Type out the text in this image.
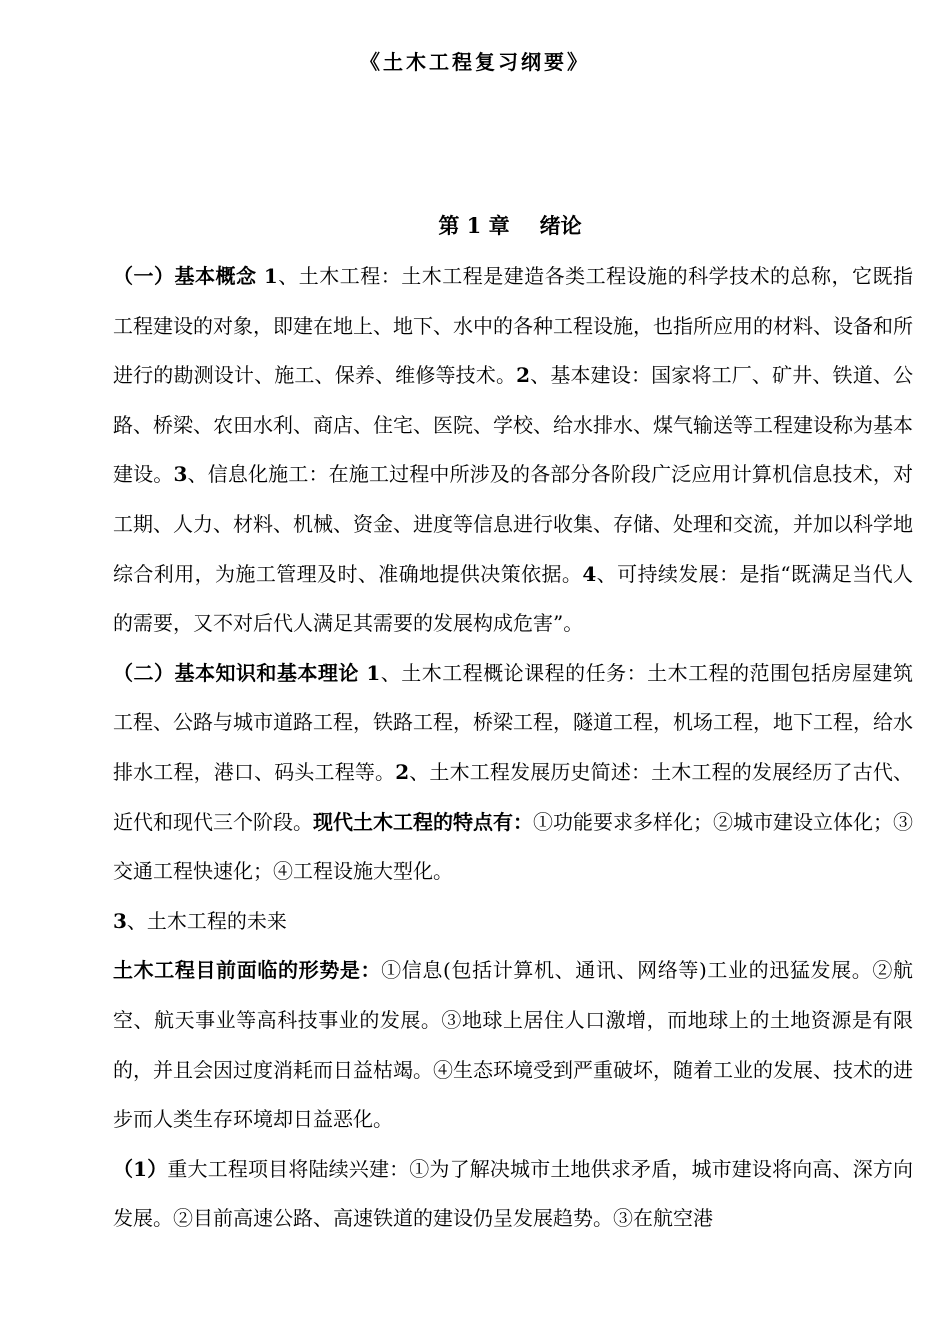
《土木工程复习纲要》
第 1 章 绪论

（一）基本概念 1、土木工程：土木工程是建造各类工程设施的科学技术的总称，它既指工程建设的对象，即建在地上、地下、水中的各种工程设施，也指所应用的材料、设备和所进行的勘测设计、施工、保养、维修等技术。2、基本建设：国家将工厂、矿井、铁道、公路、桥梁、农田水利、商店、住宅、医院、学校、给水排水、煤气输送等工程建设称为基本建设。3、信息化施工：在施工过程中所涉及的各部分各阶段广泛应用计算机信息技术，对工期、人力、材料、机械、资金、进度等信息进行收集、存储、处理和交流，并加以科学地综合利用，为施工管理及时、准确地提供决策依据。4、可持续发展：是指“既满足当代人的需要，又不对后代人满足其需要的发展构成危害”。

（二）基本知识和基本理论 1、土木工程概论课程的任务：土木工程的范围包括房屋建筑工程、公路与城市道路工程，铁路工程，桥梁工程，隧道工程，机场工程，地下工程，给水排水工程，港口、码头工程等。2、土木工程发展历史简述：土木工程的发展经历了古代、近代和现代三个阶段。现代土木工程的特点有：①功能要求多样化；②城市建设立体化；③交通工程快速化；④工程设施大型化。

3、土木工程的未来

土木工程目前面临的形势是：①信息(包括计算机、通讯、网络等)工业的迅猛发展。②航空、航天事业等高科技事业的发展。③地球上居住人口激增，而地球上的土地资源是有限的，并且会因过度消耗而日益枯竭。④生态环境受到严重破坏，随着工业的发展、技术的进步而人类生存环境却日益恶化。

（1）重大工程项目将陆续兴建：①为了解决城市土地供求矛盾，城市建设将向高、深方向发展。②目前高速公路、高速铁道的建设仍呈发展趋势。③在航空港
